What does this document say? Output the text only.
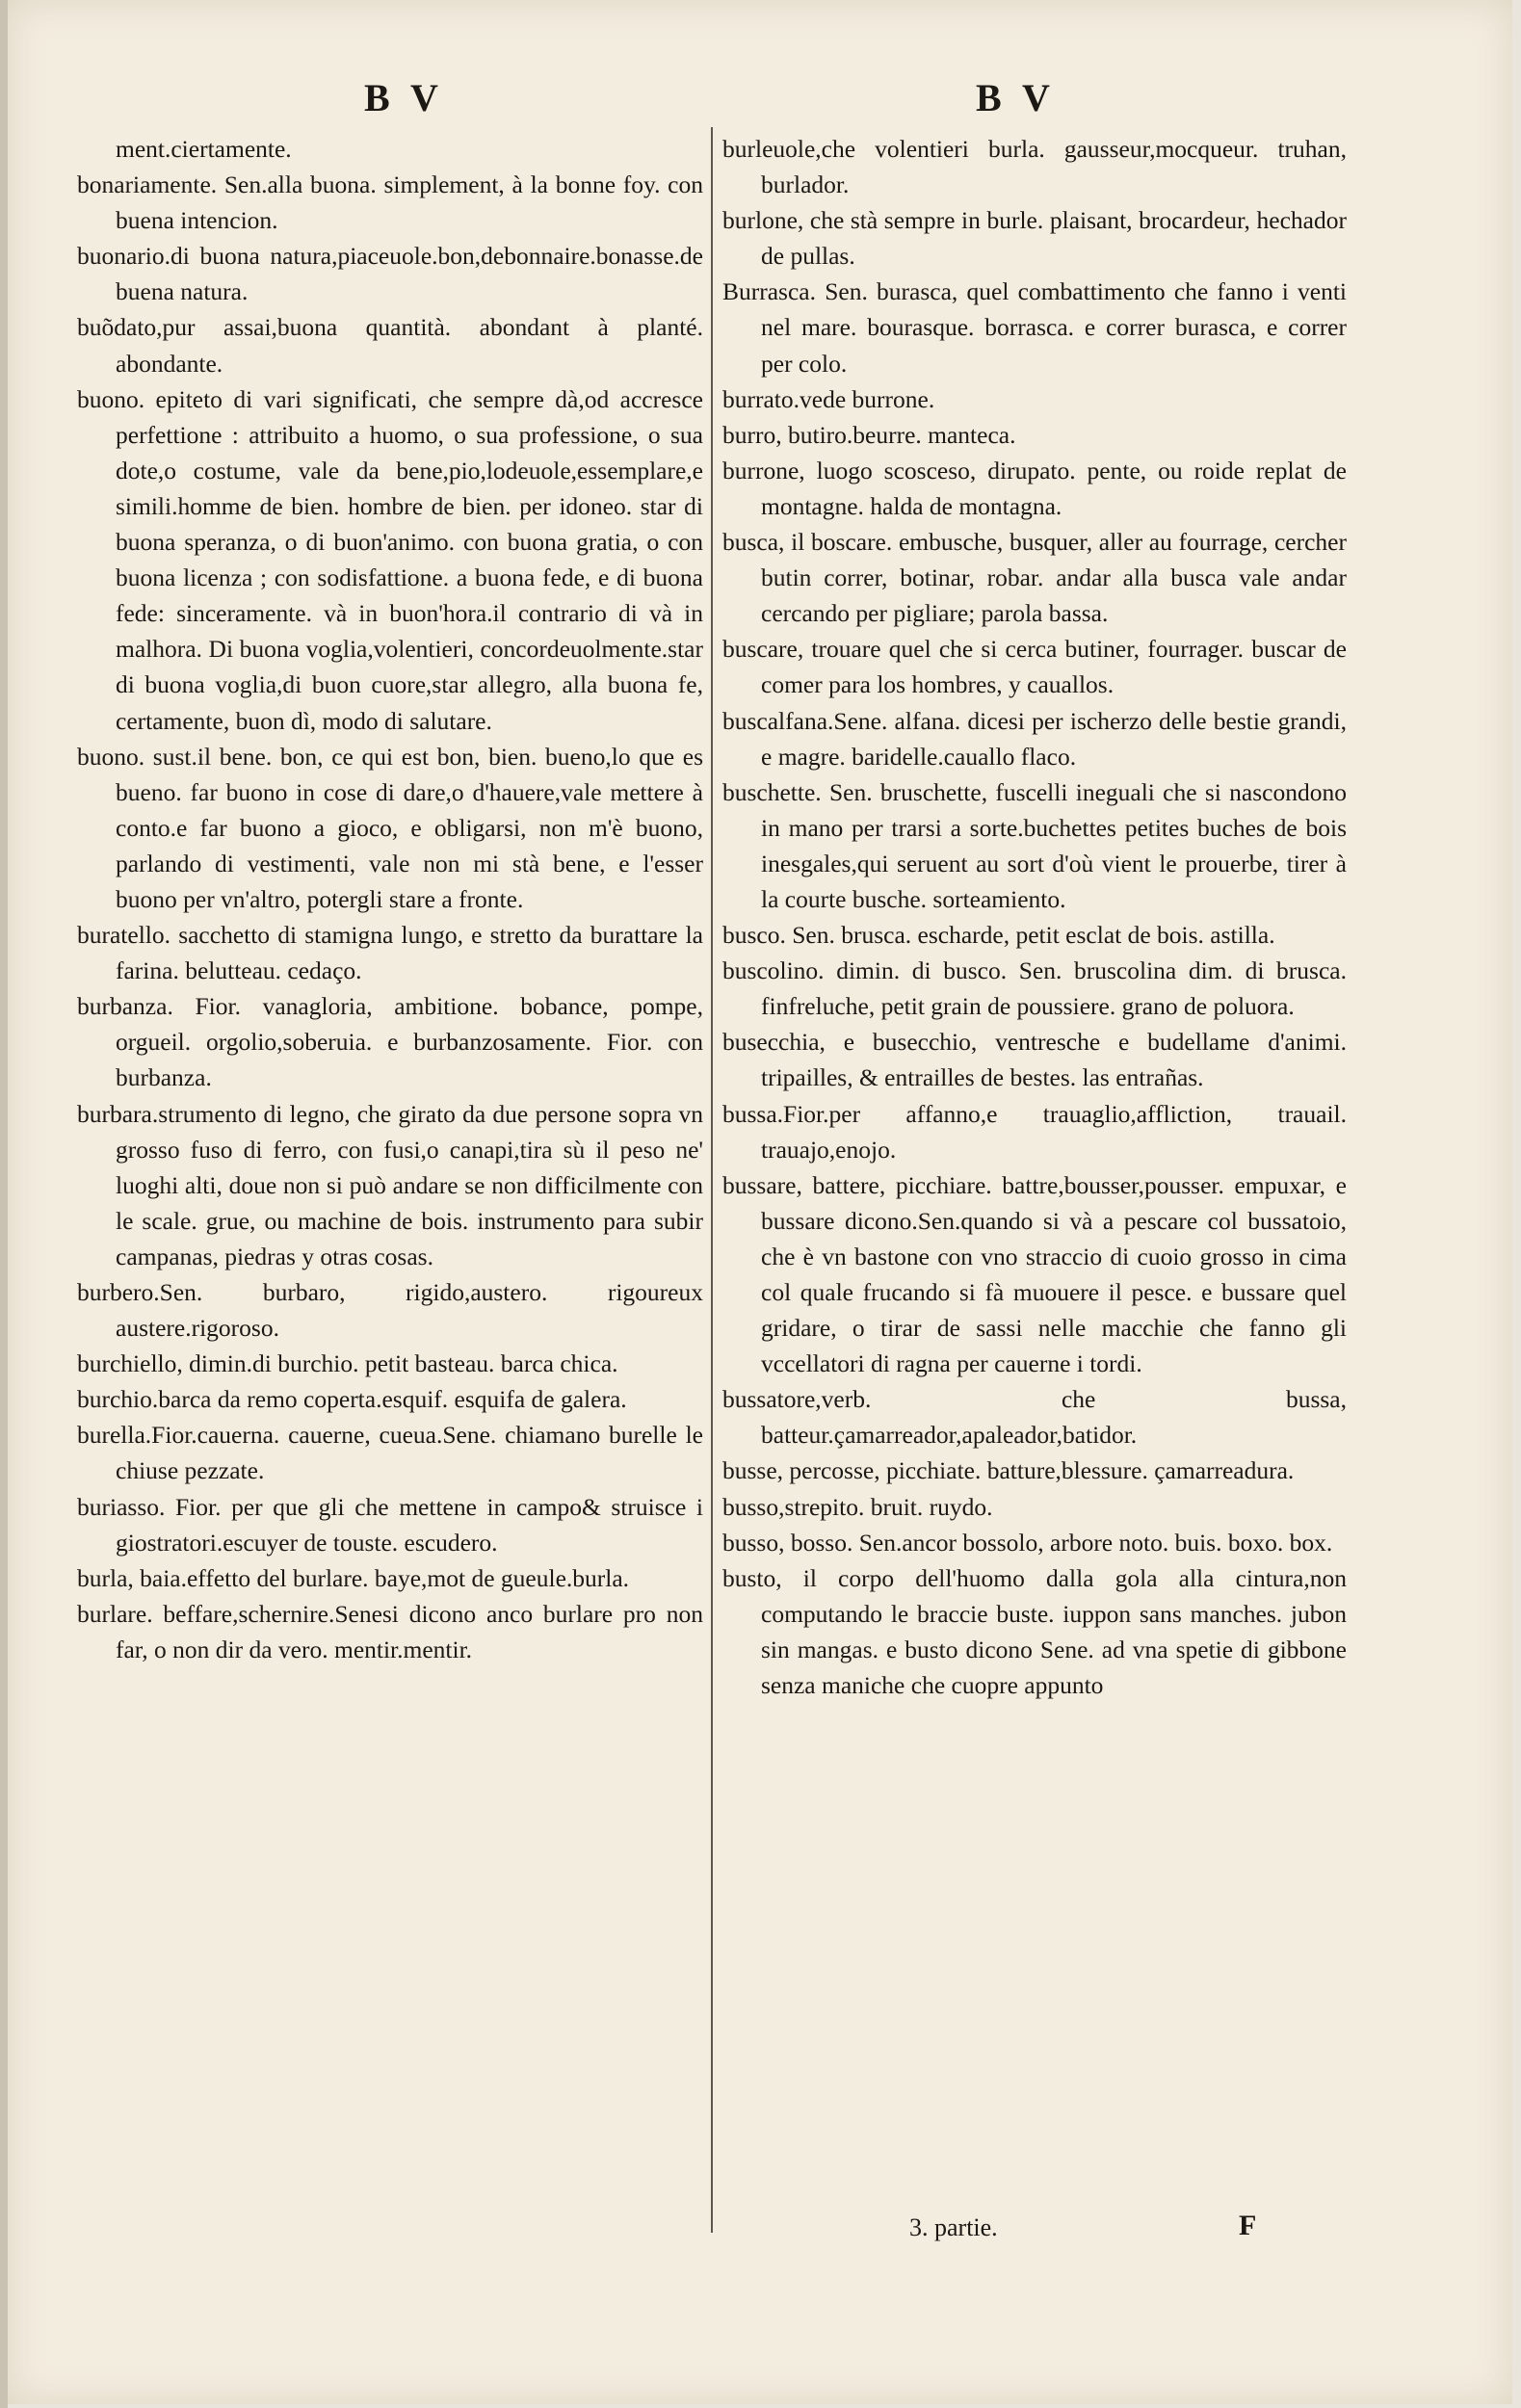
B V	B V

ment.ciertamente.

bonariamente. Sen.alla buona. simplement, à la bonne foy. con buena intencion.

buonario.di buona natura,piaceuole.bon,debonnaire.bonasse.de buena natura.

buõdato,pur assai,buona quantità. abondant à planté. abondante.

buono. epiteto di vari significati, che sempre dà,od accresce perfettione : attribuito a huomo, o sua professione, o sua dote,o costume, vale da bene,pio,lodeuole,essemplare,e simili.homme de bien. hombre de bien. per idoneo. star di buona speranza, o di buon'animo. con buona gratia, o con buona licenza ; con sodisfattione. a buona fede, e di buona fede: sinceramente. và in buon'hora.il contrario di và in malhora. Di buona voglia,volentieri, concordeuolmente.star di buona voglia,di buon cuore,star allegro, alla buona fe, certamente, buon dì, modo di salutare.

buono. sust.il bene. bon, ce qui est bon, bien. bueno,lo que es bueno. far buono in cose di dare,o d'hauere,vale mettere à conto.e far buono a gioco, e obligarsi, non m'è buono, parlando di vestimenti, vale non mi stà bene, e l'esser buono per vn'altro, potergli stare a fronte.

buratello. sacchetto di stamigna lungo, e stretto da burattare la farina. belutteau. cedaço.

burbanza. Fior. vanagloria, ambitione. bobance, pompe, orgueil. orgolio,soberuia. e burbanzosamente. Fior. con burbanza.

burbara.strumento di legno, che girato da due persone sopra vn grosso fuso di ferro, con fusi,o canapi,tira sù il peso ne' luoghi alti, doue non si può andare se non difficilmente con le scale. grue, ou machine de bois. instrumento para subir campanas, piedras y otras cosas.

burbero.Sen. burbaro, rigido,austero. rigoureux austere.rigoroso.

burchiello, dimin.di burchio. petit basteau. barca chica.

burchio.barca da remo coperta.esquif. esquifa de galera.

burella.Fior.cauerna. cauerne, cueua.Sene. chiamano burelle le chiuse pezzate.

buriasso. Fior. per que gli che mettene in campo& struisce i giostratori.escuyer de touste. escudero.

burla, baia.effetto del burlare. baye,mot de gueule.burla.

burlare. beffare,schernire.Senesi dicono anco burlare pro non far, o non dir da vero. mentir.mentir.

burleuole,che volentieri burla. gausseur,mocqueur. truhan, burlador.

burlone, che stà sempre in burle. plaisant, brocardeur, hechador de pullas.

Burrasca. Sen. burasca, quel combattimento che fanno i venti nel mare. bourasque. borrasca. e correr burasca, e correr per colo.

burrato.vede burrone.

burro, butiro.beurre. manteca.

burrone, luogo scosceso, dirupato. pente, ou roide replat de montagne. halda de montagna.

busca, il boscare. embusche, busquer, aller au fourrage, cercher butin correr, botinar, robar. andar alla busca vale andar cercando per pigliare; parola bassa.

buscare, trouare quel che si cerca butiner, fourrager. buscar de comer para los hombres, y cauallos.

buscalfana.Sene. alfana. dicesi per ischerzo delle bestie grandi, e magre. baridelle.cauallo flaco.

buschette. Sen. bruschette, fuscelli ineguali che si nascondono in mano per trarsi a sorte.buchettes petites buches de bois inesgales,qui seruent au sort d'où vient le prouerbe, tirer à la courte busche. sorteamiento.

busco. Sen. brusca. escharde, petit esclat de bois. astilla.

buscolino. dimin. di busco. Sen. bruscolina dim. di brusca. finfreluche, petit grain de poussiere. grano de poluora.

busecchia, e busecchio, ventresche e budellame d'animi. tripailles, & entrailles de bestes. las entrañas.

bussa.Fior.per affanno,e trauaglio,affliction, trauail. trauajo,enojo.

bussare, battere, picchiare. battre,bousser,pousser. empuxar, e bussare dicono.Sen.quando si và a pescare col bussatoio, che è vn bastone con vno straccio di cuoio grosso in cima col quale frucando si fà muouere il pesce. e bussare quel gridare, o tirar de sassi nelle macchie che fanno gli vccellatori di ragna per cauerne i tordi.

bussatore,verb. che bussa, batteur.çamarreador,apaleador,batidor.

busse, percosse, picchiate. batture,blessure. çamarreadura.

busso,strepito. bruit. ruydo.

busso, bosso. Sen.ancor bossolo, arbore noto. buis. boxo. box.

busto, il corpo dell'huomo dalla gola alla cintura,non computando le braccie buste. iuppon sans manches. jubon sin mangas. e busto dicono Sene. ad vna spetie di gibbone senza maniche che cuopre appunto

3. partie.	F
